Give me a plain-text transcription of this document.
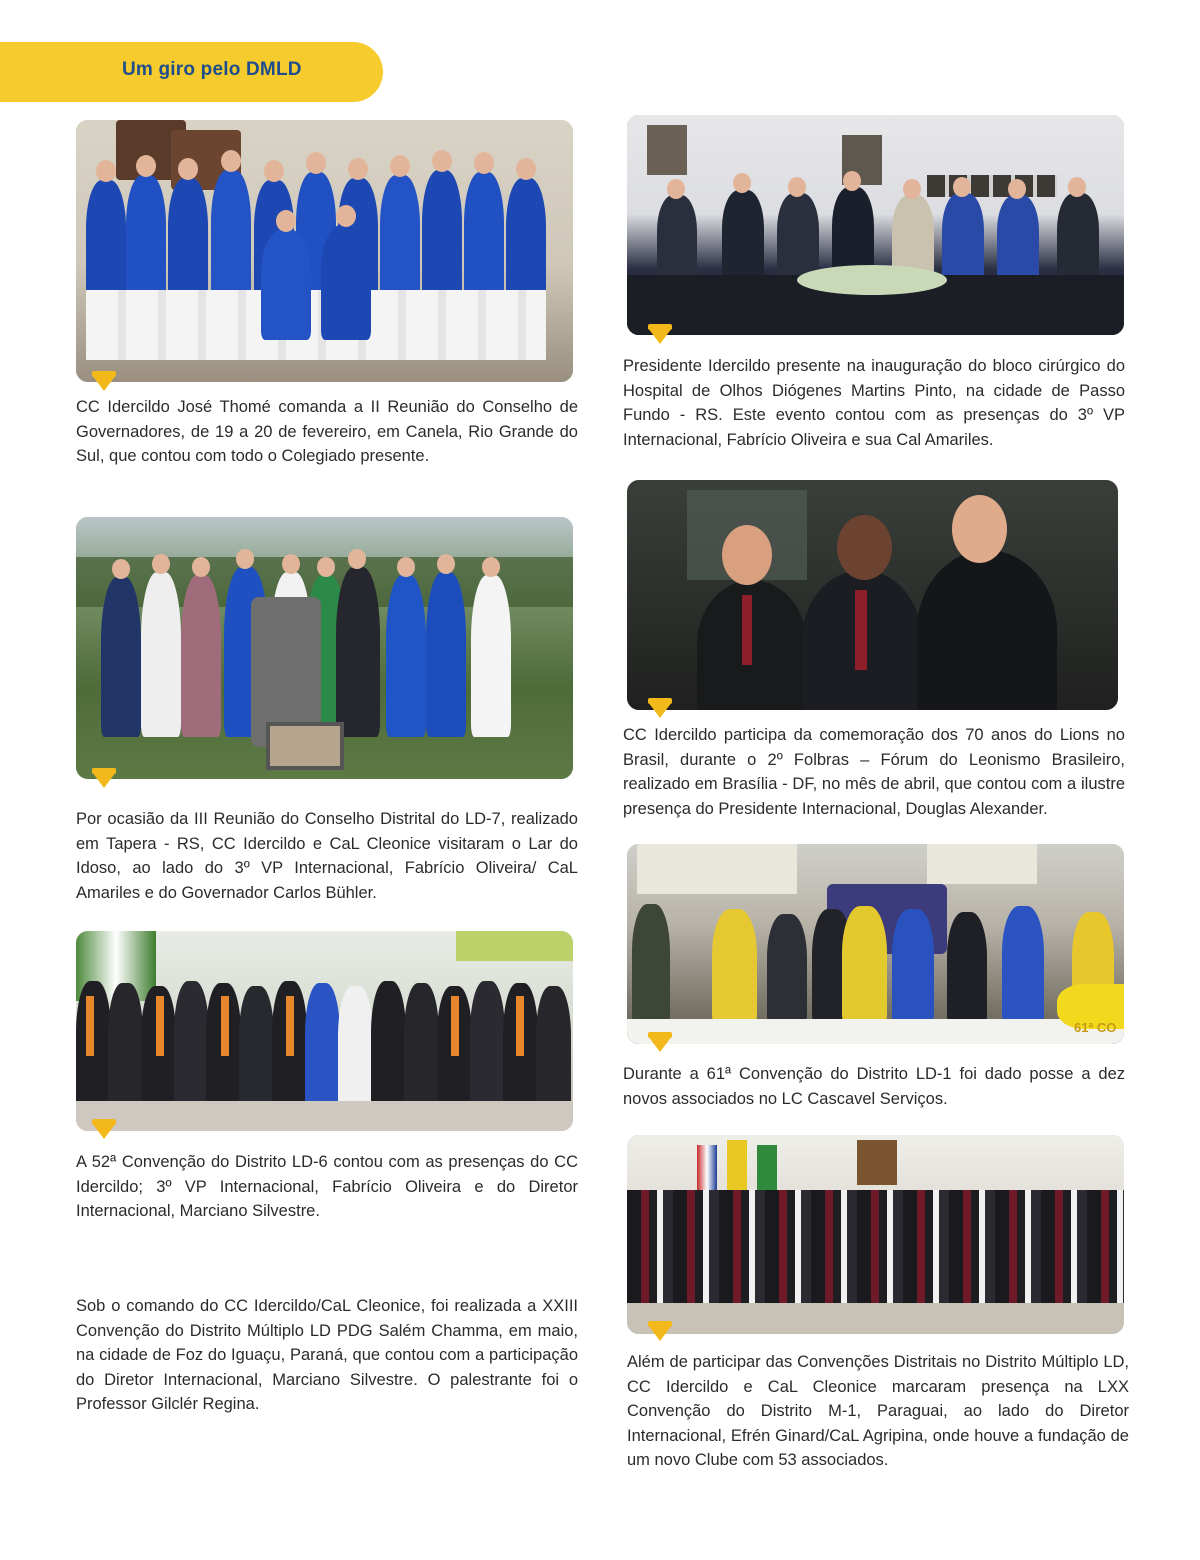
Um giro pelo DMLD
CC Idercildo José Thomé comanda a II Reunião do Conselho de Governadores, de 19 a 20 de fevereiro, em Canela, Rio Grande do Sul, que contou com todo o Colegiado presente.
Presidente Idercildo presente na inauguração do bloco cirúrgico do Hospital de Olhos Diógenes Martins Pinto, na cidade de Passo Fundo - RS. Este evento contou com as presenças do 3º VP Internacional, Fabrício Oliveira e sua Cal Amariles.
Por ocasião da III Reunião do Conselho Distrital do LD-7, realizado em Tapera - RS, CC Idercildo e CaL Cleonice visitaram o Lar do Idoso, ao lado do 3º VP Internacional, Fabrício Oliveira/ CaL Amariles e do Governador Carlos Bühler.
CC Idercildo participa da comemoração dos 70 anos do Lions no Brasil, durante o 2º Folbras – Fórum do Leonismo Brasileiro, realizado em Brasília - DF, no mês de abril, que contou com a ilustre presença do Presidente Internacional, Douglas Alexander.
A 52ª Convenção do Distrito LD-6 contou com as presenças do CC Idercildo; 3º VP Internacional, Fabrício Oliveira e do Diretor Internacional, Marciano Silvestre.
61ª CO
Durante a 61ª Convenção do Distrito LD-1 foi dado posse a dez novos associados no LC Cascavel Serviços.
Sob o comando do CC Idercildo/CaL Cleonice, foi realizada a XXIII Convenção do Distrito Múltiplo LD PDG Salém Chamma, em maio, na cidade de Foz do Iguaçu, Paraná, que contou com a participação do Diretor Internacional, Marciano Silvestre. O palestrante foi o Professor Gilclér Regina.
Além de participar das Convenções Distritais no Distrito Múltiplo LD, CC Idercildo e CaL Cleonice marcaram presença na LXX Convenção do Distrito M-1, Paraguai, ao lado do Diretor Internacional, Efrén Ginard/CaL Agripina, onde houve a fundação de um novo Clube com 53 associados.
